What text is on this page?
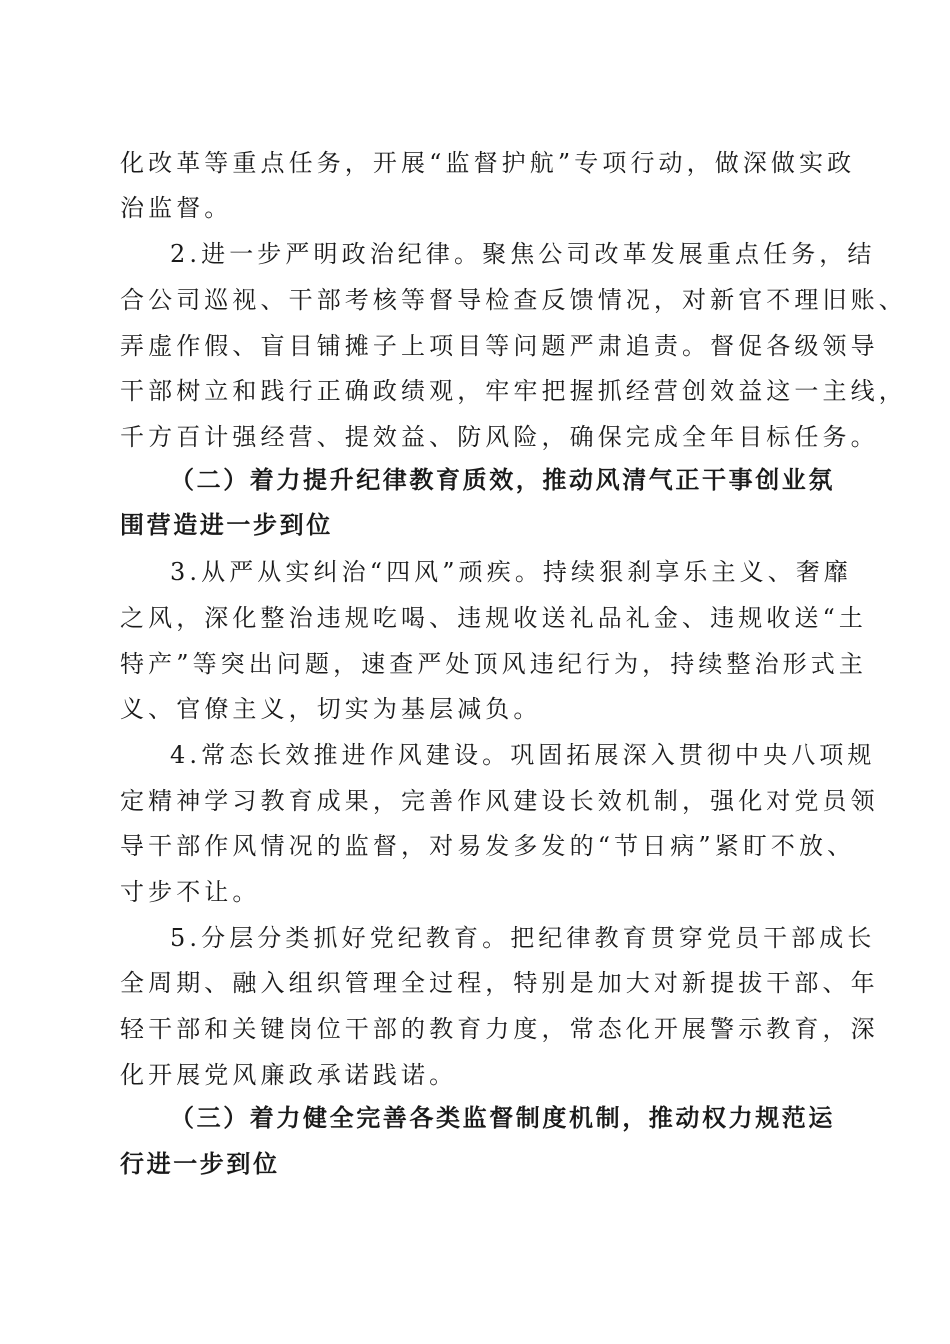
化改革等重点任务，开展“监督护航”专项行动，做深做实政
治监督。
2.进一步严明政治纪律。聚焦公司改革发展重点任务，结
合公司巡视、干部考核等督导检查反馈情况，对新官不理旧账、
弄虚作假、盲目铺摊子上项目等问题严肃追责。督促各级领导
干部树立和践行正确政绩观，牢牢把握抓经营创效益这一主线，
千方百计强经营、提效益、防风险，确保完成全年目标任务。
（二）着力提升纪律教育质效，推动风清气正干事创业氛
围营造进一步到位
3.从严从实纠治“四风”顽疾。持续狠刹享乐主义、奢靡
之风，深化整治违规吃喝、违规收送礼品礼金、违规收送“土
特产”等突出问题，速查严处顶风违纪行为，持续整治形式主
义、官僚主义，切实为基层减负。
4.常态长效推进作风建设。巩固拓展深入贯彻中央八项规
定精神学习教育成果，完善作风建设长效机制，强化对党员领
导干部作风情况的监督，对易发多发的“节日病”紧盯不放、
寸步不让。
5.分层分类抓好党纪教育。把纪律教育贯穿党员干部成长
全周期、融入组织管理全过程，特别是加大对新提拔干部、年
轻干部和关键岗位干部的教育力度，常态化开展警示教育，深
化开展党风廉政承诺践诺。
（三）着力健全完善各类监督制度机制，推动权力规范运
行进一步到位
